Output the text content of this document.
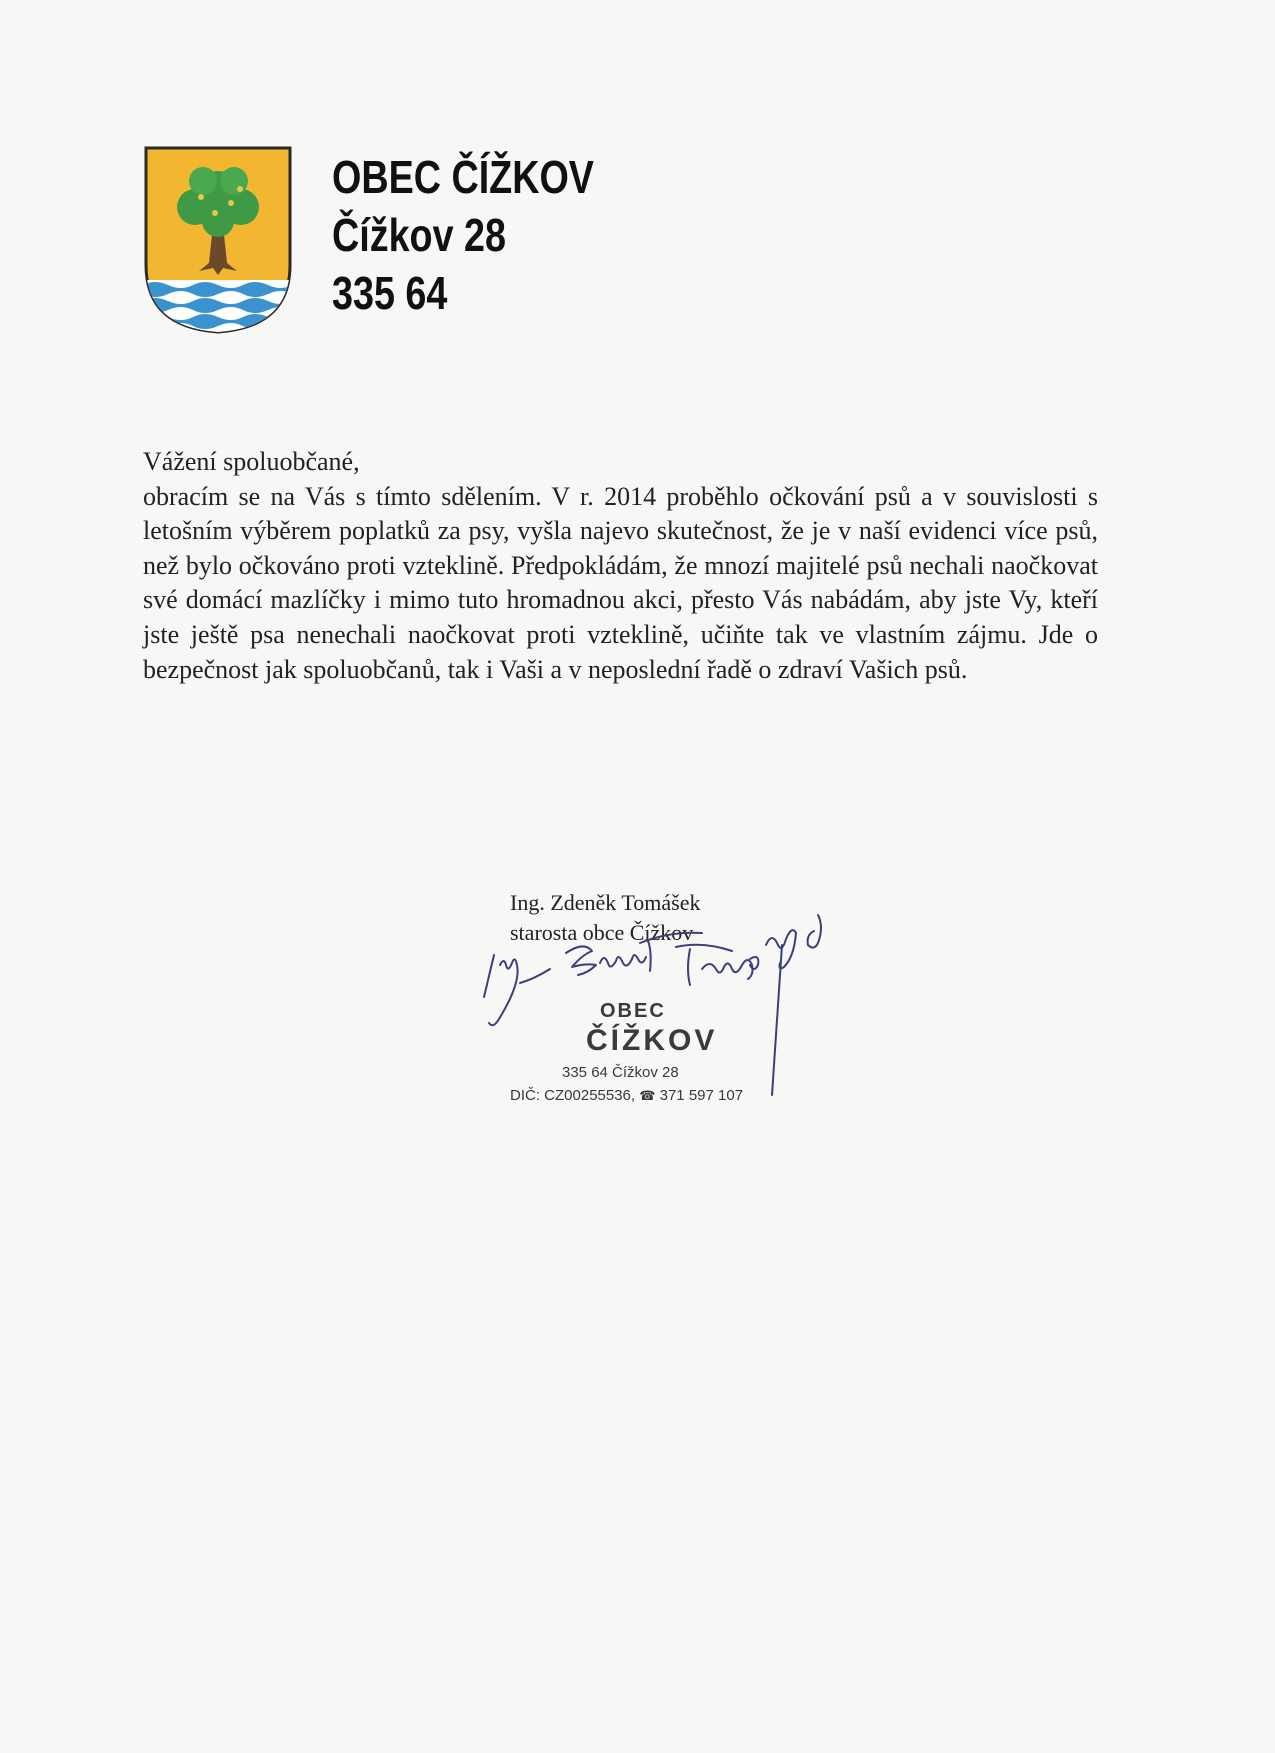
OBEC ČÍŽKOV
Čížkov 28
335 64
Vážení spoluobčané,
obracím se na Vás s tímto sdělením. V r. 2014 proběhlo očkování psů a v souvislosti s letošním výběrem poplatků za psy, vyšla najevo skutečnost, že je v naší evidenci více psů, než bylo očkováno proti vzteklině. Předpokládám, že mnozí majitelé psů nechali naočkovat své domácí mazlíčky i mimo tuto hromadnou akci, přesto Vás nabádám, aby jste Vy, kteří jste ještě psa nenechali naočkovat proti vzteklině, učiňte tak ve vlastním zájmu. Jde o bezpečnost jak spoluobčanů, tak i Vaši a v neposlední řadě o zdraví Vašich psů.
Ing. Zdeněk Tomášek
starosta obce Čížkov
OBEC
ČÍŽKOV
335 64 Čížkov 28
DIČ: CZ00255536, ☎ 371 597 107
